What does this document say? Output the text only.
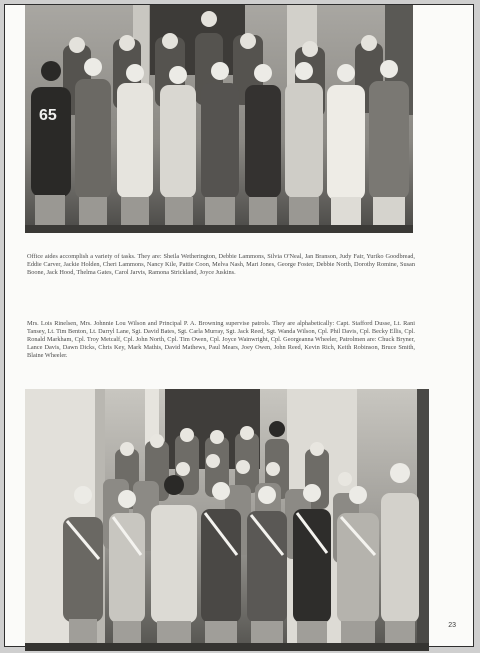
65

Office aides accomplish a variety of tasks. They are: Sheila Wetherington, Debbie Lammons, Silvia O'Neal, Jan Branson, Judy Fair, Yuriko Goodbread, Eddie Carver, Jackie Holden, Cheri Lammons, Nancy Kile, Pattie Coon, Melva Nash, Mari Jones, George Foster, Debbie North, Dorothy Romine, Susan Boone, Jack Hood, Thelma Gates, Carol Jarvis, Ramona Strickland, Joyce Juskins.

Mrs. Lois Rinelsen, Mrs. Johnnie Lou Wilson and Principal P. A. Browning supervise patrols. They are alphabetically: Capt. Stafford Dusse, Lt. Rani Tansey, Lt. Tim Benton, Lt. Darryl Lane, Sgt. David Bates, Sgt. Carla Murray, Sgt. Jack Reed, Sgt. Wanda Wilson, Cpl. Phil Davis, Cpl. Becky Ellis, Cpl. Ronald Markham, Cpl. Troy Metcalf, Cpl. John North, Cpl. Tim Owen, Cpl. Joyce Wainwright, Cpl. Georgeanna Wheeler, Patrolmen are: Chuck Bryner, Lance Davis, Dawn Dicks, Chris Key, Mark Mathis, David Mathews, Paul Mears, Joey Owen, John Reed, Kevin Rich, Keith Robinson, Bruce Smith, Blaine Wheeler.

23
